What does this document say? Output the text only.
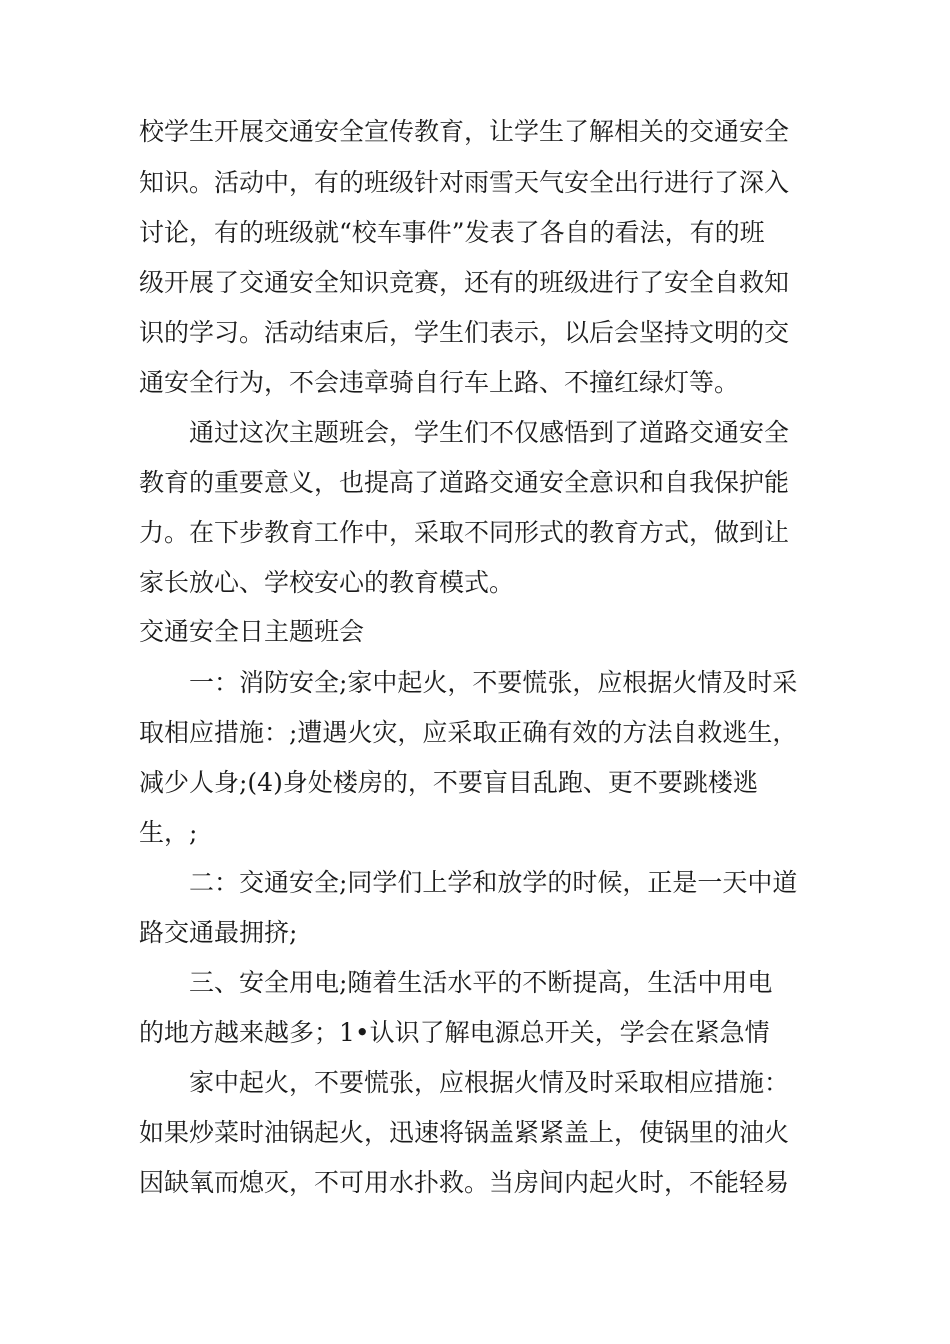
校学生开展交通安全宣传教育，让学生了解相关的交通安全

知识。活动中，有的班级针对雨雪天气安全出行进行了深入

讨论，有的班级就“校车事件”发表了各自的看法，有的班

级开展了交通安全知识竞赛，还有的班级进行了安全自救知

识的学习。活动结束后，学生们表示，以后会坚持文明的交

通安全行为，不会违章骑自行车上路、不撞红绿灯等。

通过这次主题班会，学生们不仅感悟到了道路交通安全

教育的重要意义，也提高了道路交通安全意识和自我保护能

力。在下步教育工作中，采取不同形式的教育方式，做到让

家长放心、学校安心的教育模式。

交通安全日主题班会

一：消防安全;家中起火，不要慌张，应根据火情及时采

取相应措施：;遭遇火灾，应采取正确有效的方法自救逃生，

减少人身;(4)身处楼房的，不要盲目乱跑、更不要跳楼逃

生，;

二：交通安全;同学们上学和放学的时候，正是一天中道

路交通最拥挤;

三、安全用电;随着生活水平的不断提高，生活中用电

的地方越来越多；1•认识了解电源总开关，学会在紧急情

家中起火，不要慌张，应根据火情及时采取相应措施：

如果炒菜时油锅起火，迅速将锅盖紧紧盖上，使锅里的油火

因缺氧而熄灭，不可用水扑救。当房间内起火时，不能轻易
